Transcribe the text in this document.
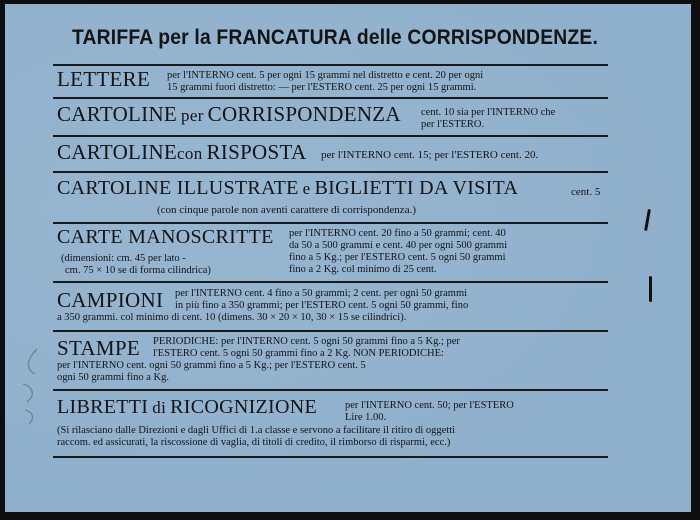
TARIFFA per la FRANCATURA delle CORRISPONDENZE.
LETTERE per l'INTERNO cent. 5 per ogni 15 grammi nel distretto e cent. 20 per ogni
15 grammi fuori distretto: — per l'ESTERO cent. 25 per ogni 15 grammi.
CARTOLINE per CORRISPONDENZA cent. 10 sia per l'INTERNO che
per l'ESTERO.
CARTOLINEcon RISPOSTA per l'INTERNO cent. 15; per l'ESTERO cent. 20.
CARTOLINE ILLUSTRATE e BIGLIETTI DA VISITA	cent. 5
(con cinque parole non aventi carattere di corrispondenza.)
CARTE MANOSCRITTE
(dimensioni: cm. 45 per lato -
cm. 75 × 10 se di forma cilindrica)
per l'INTERNO cent. 20 fino a 50 grammi; cent. 40
da 50 a 500 grammi e cent. 40 per ogni 500 grammi
fino a 5 Kg.; per l'ESTERO cent. 5 ogni 50 grammi
fino a 2 Kg. col minimo di 25 cent.
CAMPIONI per l'INTERNO cent. 4 fino a 50 grammi; 2 cent. per ogni 50 grammi
in più fino a 350 grammi; per l'ESTERO cent. 5 ogni 50 grammi, fino
a 350 grammi. col minimo di cent. 10 (dimens. 30 × 20 × 10, 30 × 15 se cilindrici).
STAMPE PERIODICHE: per l'INTERNO cent. 5 ogni 50 grammi fino a 5 Kg.; per
l'ESTERO cent. 5 ogni 50 grammi fino a 2 Kg. NON PERIODICHE:
per l'INTERNO cent. ogni 50 grammi fino a 5 Kg.; per l'ESTERO cent. 5
ogni 50 grammi fino a Kg.
LIBRETTI di RICOGNIZIONE	per l'INTERNO cent. 50; per l'ESTERO
Lire 1.00.
(Si rilasciano dalle Direzioni e dagli Uffici di 1.a classe e servono a facilitare il ritiro di oggetti
raccom. ed assicurati, la riscossione di vaglia, di titoli di credito, il rimborso di risparmi, ecc.)
